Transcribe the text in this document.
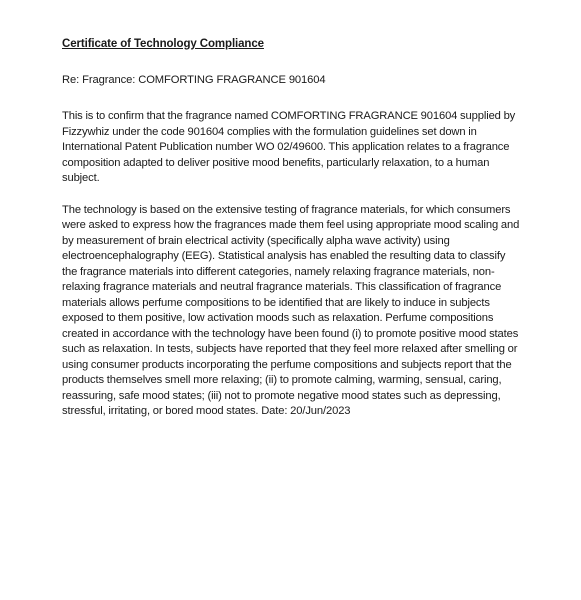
Certificate of Technology Compliance
Re: Fragrance: COMFORTING FRAGRANCE 901604

This is to confirm that the fragrance named COMFORTING FRAGRANCE 901604 supplied by Fizzywhiz under the code 901604 complies with the formulation guidelines set down in International Patent Publication number WO 02/49600. This application relates to a fragrance composition adapted to deliver positive mood benefits, particularly relaxation, to a human subject.

The technology is based on the extensive testing of fragrance materials, for which consumers were asked to express how the fragrances made them feel using appropriate mood scaling and by measurement of brain electrical activity (specifically alpha wave activity) using electroencephalography (EEG). Statistical analysis has enabled the resulting data to classify the fragrance materials into different categories, namely relaxing fragrance materials, non-relaxing fragrance materials and neutral fragrance materials. This classification of fragrance materials allows perfume compositions to be identified that are likely to induce in subjects exposed to them positive, low activation moods such as relaxation. Perfume compositions created in accordance with the technology have been found (i) to promote positive mood states such as relaxation. In tests, subjects have reported that they feel more relaxed after smelling or using consumer products incorporating the perfume compositions and subjects report that the products themselves smell more relaxing; (ii) to promote calming, warming, sensual, caring, reassuring, safe mood states; (iii) not to promote negative mood states such as depressing, stressful, irritating, or bored mood states. Date: 20/Jun/2023
